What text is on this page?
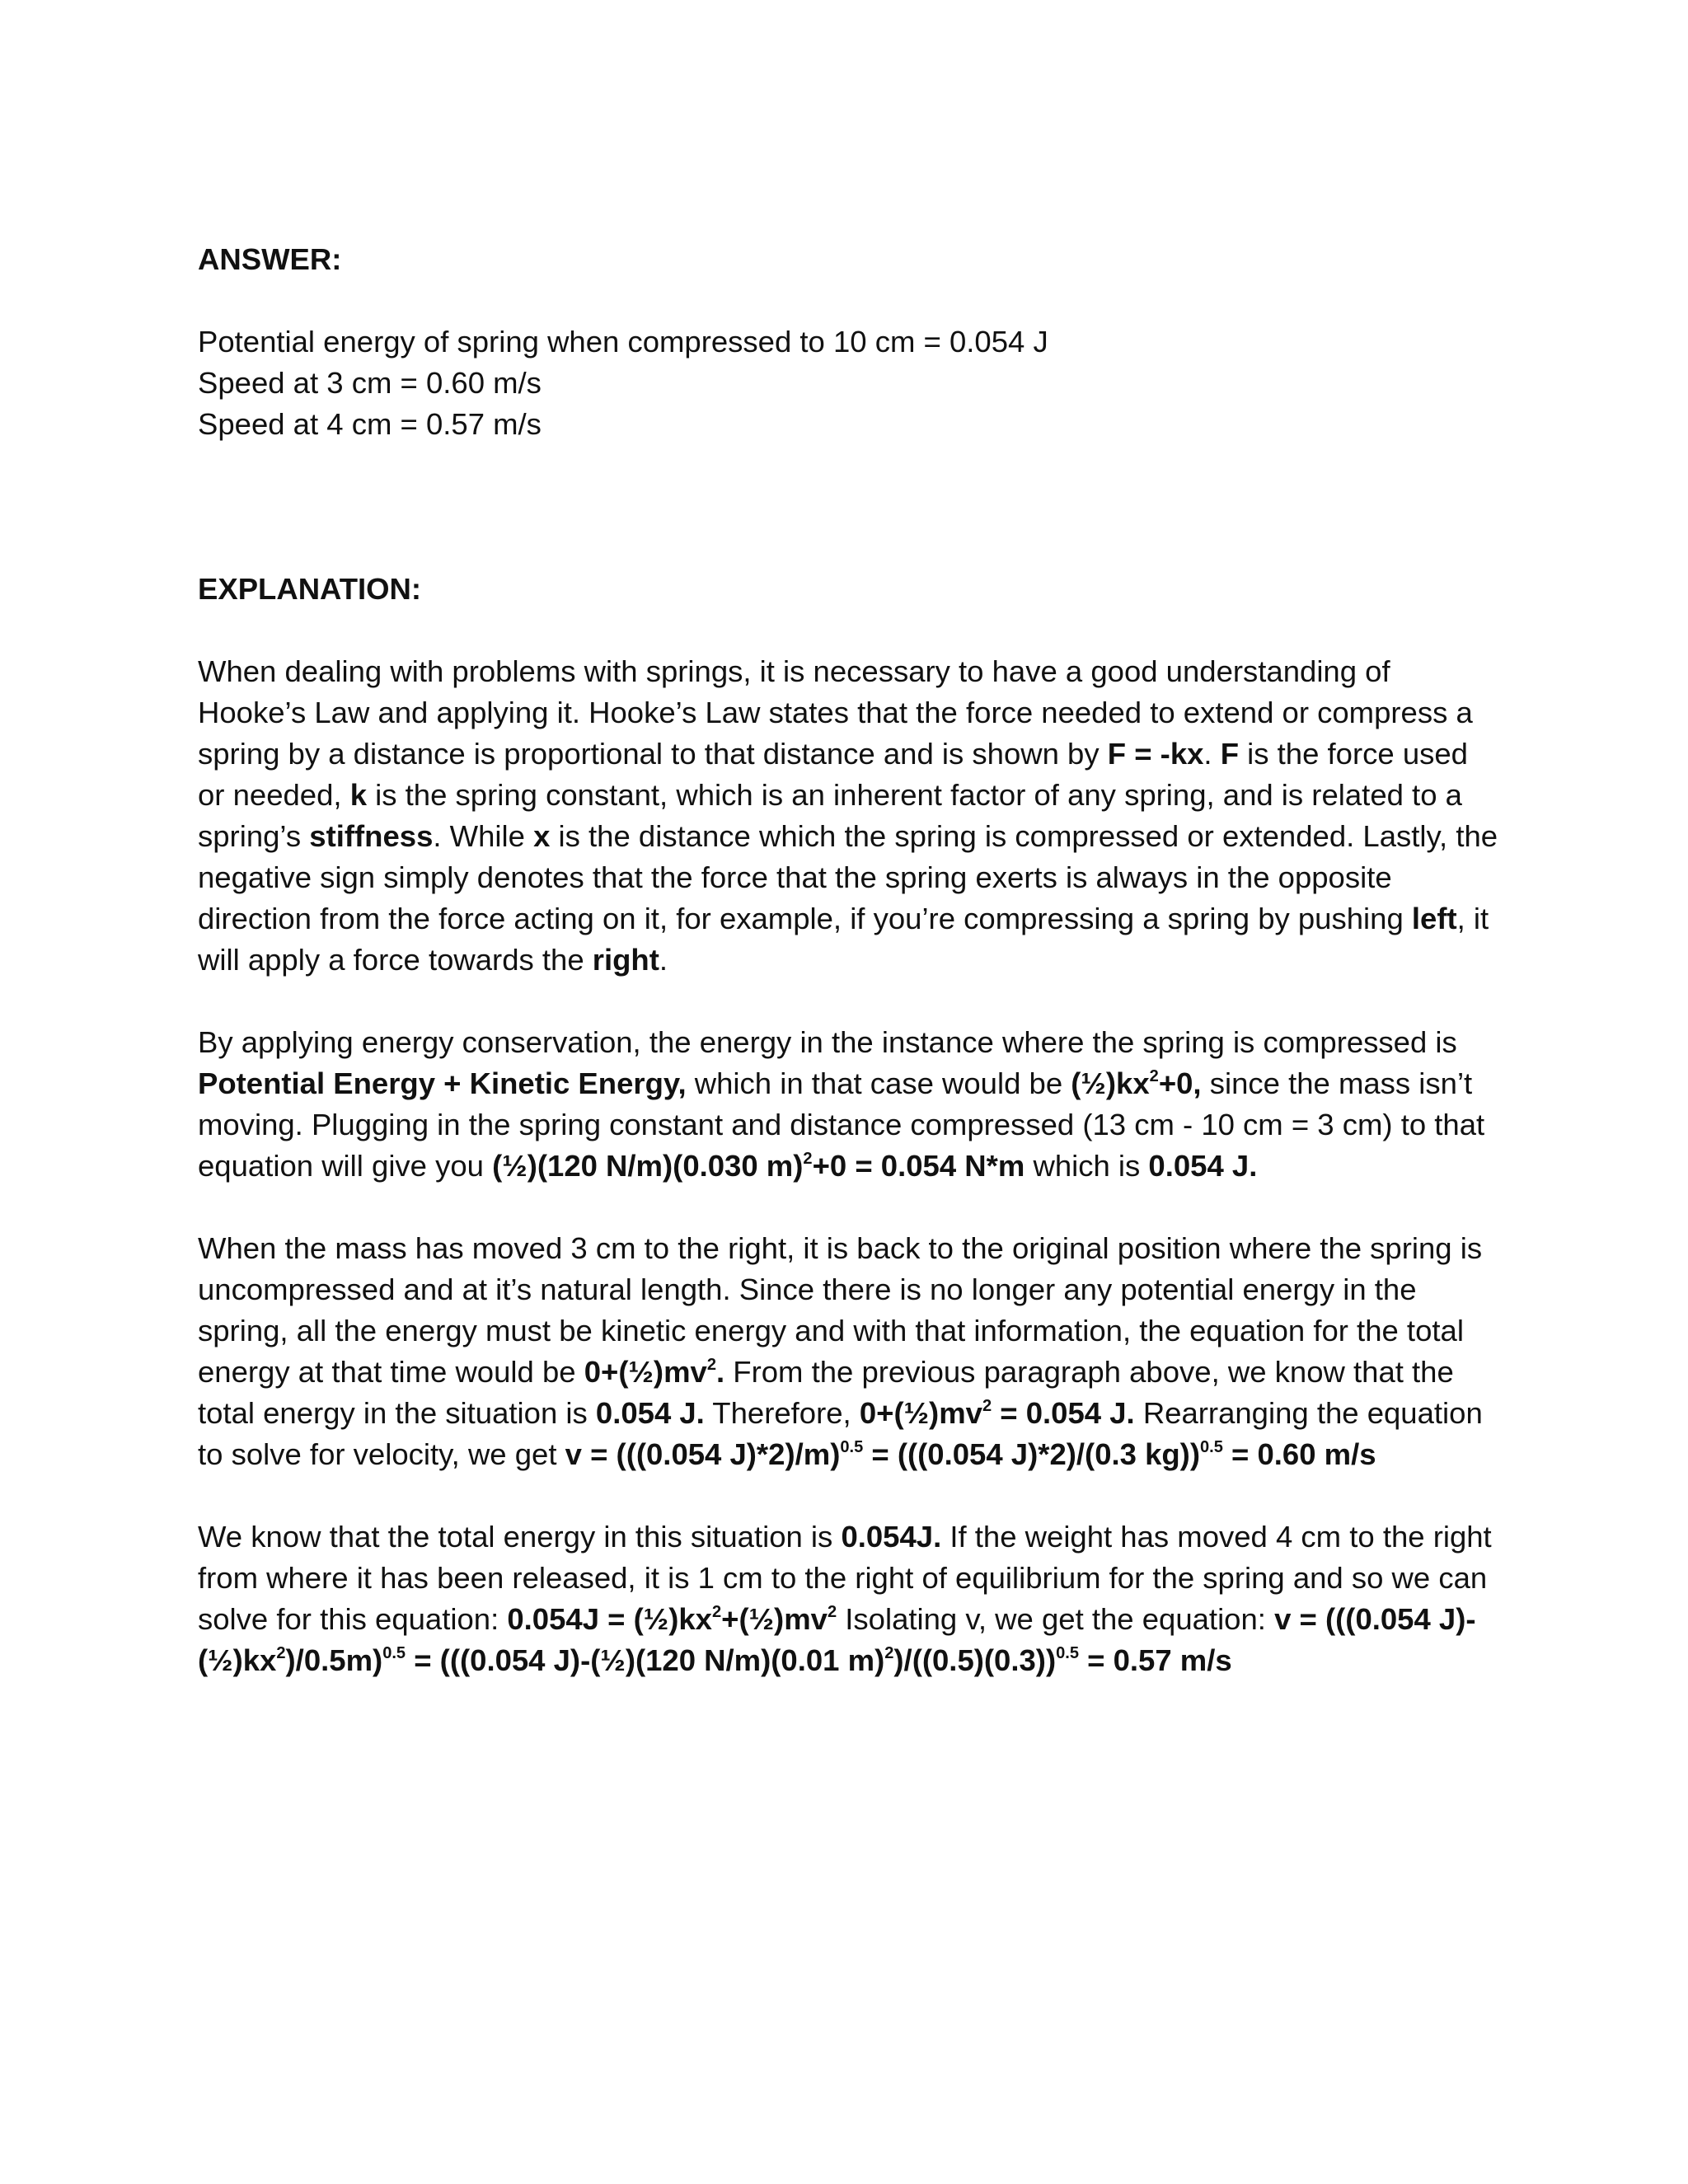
ANSWER:

Potential energy of spring when compressed to 10 cm = 0.054 J
Speed at 3 cm = 0.60 m/s
Speed at 4 cm = 0.57 m/s

EXPLANATION:

When dealing with problems with springs, it is necessary to have a good understanding of Hooke’s Law and applying it. Hooke’s Law states that the force needed to extend or compress a spring by a distance is proportional to that distance and is shown by F = -kx. F is the force used or needed, k is the spring constant, which is an inherent factor of any spring, and is related to a spring’s stiffness. While x is the distance which the spring is compressed or extended. Lastly, the negative sign simply denotes that the force that the spring exerts is always in the opposite direction from the force acting on it, for example, if you’re compressing a spring by pushing left, it will apply a force towards the right.

By applying energy conservation, the energy in the instance where the spring is compressed is Potential Energy + Kinetic Energy, which in that case would be $(\frac{1}{2})kx^2+0$, since the mass isn’t moving. Plugging in the spring constant and distance compressed (13 cm - 10 cm = 3 cm) to that equation will give you (½)(120 N/m)(0.030 m)$^2$+0 = 0.054 N*m which is 0.054 J.

When the mass has moved 3 cm to the right, it is back to the original position where the spring is uncompressed and at it’s natural length. Since there is no longer any potential energy in the spring, all the energy must be kinetic energy and with that information, the equation for the total energy at that time would be $0+(\frac{1}{2})mv^2$. From the previous paragraph above, we know that the total energy in the situation is 0.054 J. Therefore, $0+(\frac{1}{2})mv^2 = 0.054$ J. Rearranging the equation to solve for velocity, we get v = (((0.054 J)*2)/m)$^{0.5}$ = (((0.054 J)*2)/(0.3 kg))$^{0.5}$ = 0.60 m/s

We know that the total energy in this situation is 0.054J. If the weight has moved 4 cm to the right from where it has been released, it is 1 cm to the right of equilibrium for the spring and so we can solve for this equation: $0.054J = (\frac{1}{2})kx^2+(\frac{1}{2})mv^2$ Isolating v, we get the equation: v = (((0.054 $J)-(\frac{1}{2})kx^2)/0.5m)^{0.5} = (((0.054$ J)-(½)(120 N/m)(0.01 $m)^2)/((0.5)(0.3))^{0.5} = 0.57$ m/s
